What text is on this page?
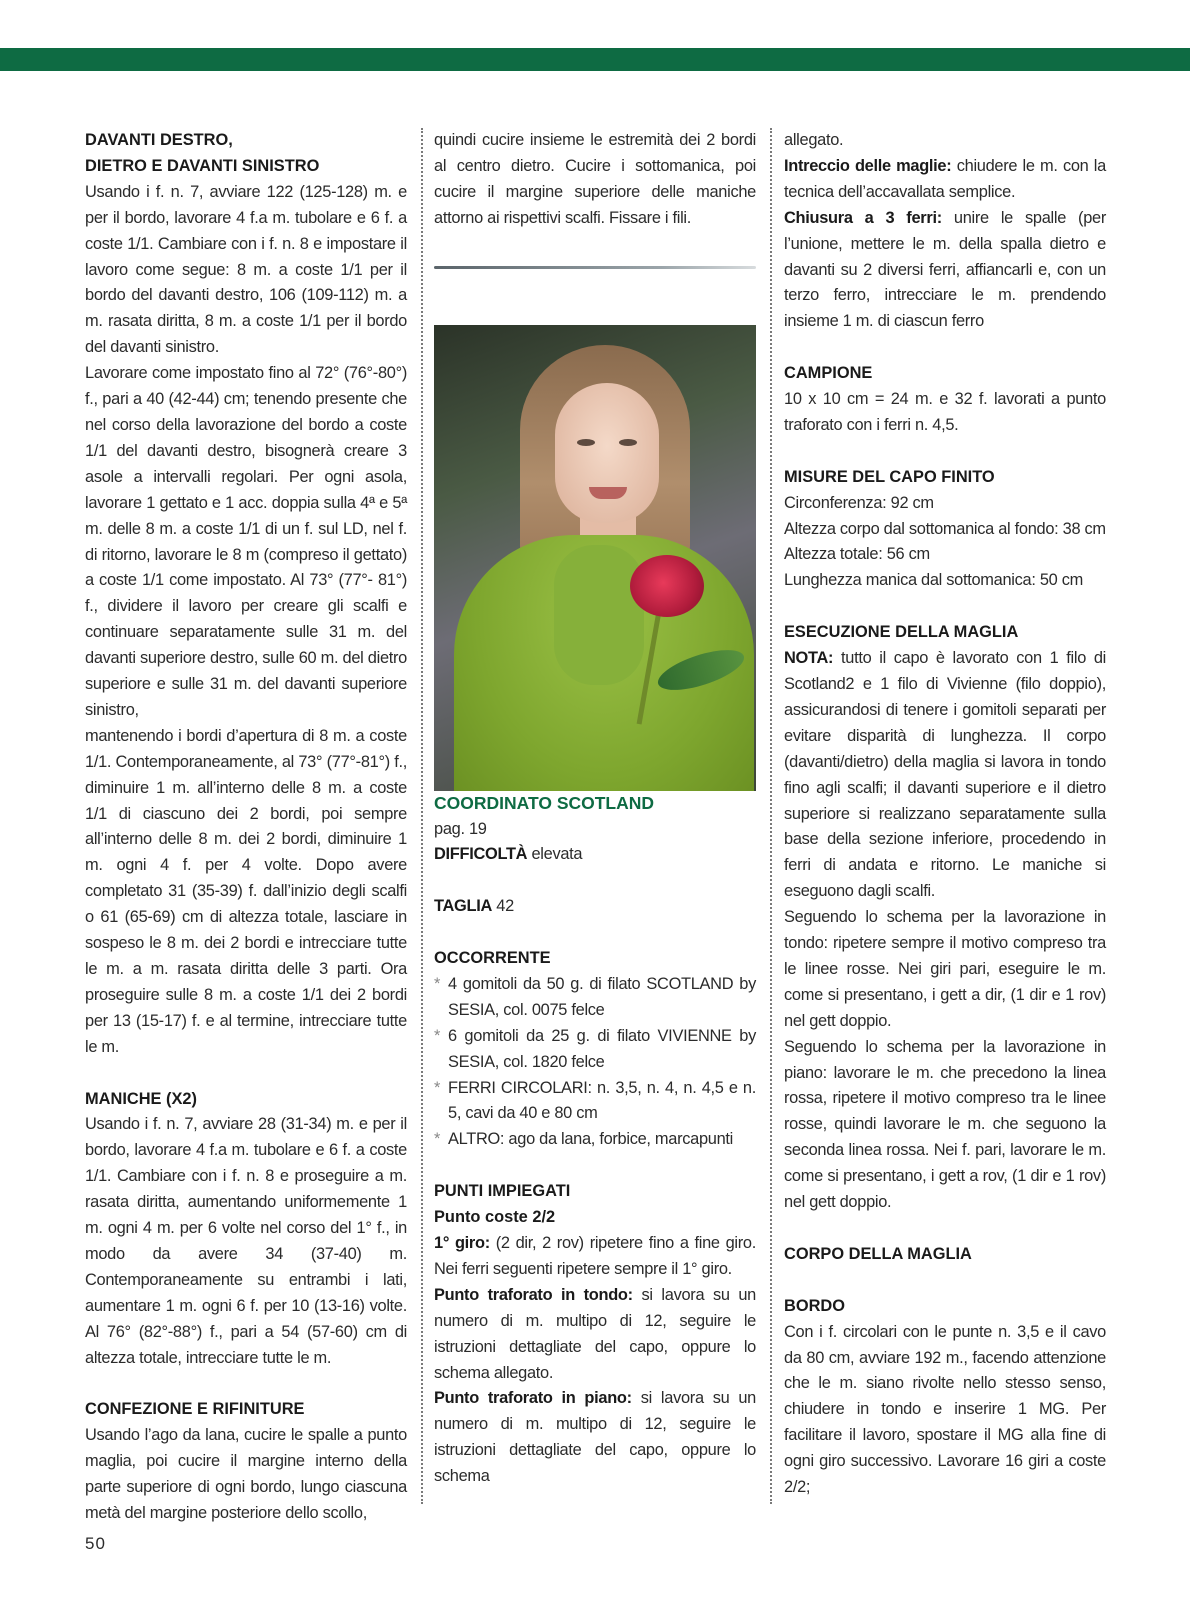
DAVANTI DESTRO,

DIETRO E DAVANTI SINISTRO

Usando i f. n. 7, avviare 122 (125-128) m. e per il bordo, lavorare 4 f.a m. tubolare e 6 f. a coste 1/1. Cambiare con i f. n. 8 e impostare il lavoro come segue: 8 m. a coste 1/1 per il bordo del davanti destro, 106 (109-112) m. a m. rasata diritta, 8 m. a coste 1/1 per il bordo del davanti sinistro.

Lavorare come impostato fino al 72° (76°-80°) f., pari a 40 (42-44) cm; tenendo presente che nel corso della lavorazione del bordo a coste 1/1 del davanti destro, bisognerà creare 3 asole a intervalli regolari. Per ogni asola, lavorare 1 gettato e 1 acc. doppia sulla 4ª e 5ª m. delle 8 m. a coste 1/1 di un f. sul LD, nel f. di ritorno, lavorare le 8 m (compreso il gettato) a coste 1/1 come impostato. Al 73° (77°- 81°) f., dividere il lavoro per creare gli scalfi e continuare separatamente sulle 31 m. del davanti superiore destro, sulle 60 m. del dietro superiore e sulle 31 m. del davanti superiore sinistro,

mantenendo i bordi d’apertura di 8 m. a coste 1/1. Contemporaneamente, al 73° (77°-81°) f., diminuire 1 m. all’interno delle 8 m. a coste 1/1 di ciascuno dei 2 bordi, poi sempre all’interno delle 8 m. dei 2 bordi, diminuire 1 m. ogni 4 f. per 4 volte. Dopo avere completato 31 (35-39) f. dall’inizio degli scalfi o 61 (65-69) cm di altezza totale, lasciare in sospeso le 8 m. dei 2 bordi e intrecciare tutte le m. a m. rasata diritta delle 3 parti. Ora proseguire sulle 8 m. a coste 1/1 dei 2 bordi per 13 (15-17) f. e al termine, intrecciare tutte le m.

MANICHE (X2)

Usando i f. n. 7, avviare 28 (31-34) m. e per il bordo, lavorare 4 f.a m. tubolare e 6 f. a coste 1/1. Cambiare con i f. n. 8 e proseguire a m. rasata diritta, aumentando uniformemente 1 m. ogni 4 m. per 6 volte nel corso del 1° f., in modo da avere 34 (37-40) m. Contemporaneamente su entrambi i lati, aumentare 1 m. ogni 6 f. per 10 (13-16) volte. Al 76° (82°-88°) f., pari a 54 (57-60) cm di altezza totale, intrecciare tutte le m.

CONFEZIONE E RIFINITURE

Usando l’ago da lana, cucire le spalle a punto maglia, poi cucire il margine interno della parte superiore di ogni bordo, lungo ciascuna metà del margine posteriore dello scollo,

quindi cucire insieme le estremità dei 2 bordi al centro dietro. Cucire i sottomanica, poi cucire il margine superiore delle maniche attorno ai rispettivi scalfi. Fissare i fili.

COORDINATO SCOTLAND

pag. 19

DIFFICOLTÀ elevata

TAGLIA 42

OCCORRENTE

* 4 gomitoli da 50 g. di filato SCOTLAND by SESIA, col. 0075 felce
* 6 gomitoli da 25 g. di filato VIVIENNE by SESIA, col. 1820 felce
* FERRI CIRCOLARI: n. 3,5, n. 4, n. 4,5 e n. 5, cavi da 40 e 80 cm
* ALTRO: ago da lana, forbice, marcapunti

PUNTI IMPIEGATI

Punto coste 2/2

1° giro: (2 dir, 2 rov) ripetere fino a fine giro. Nei ferri seguenti ripetere sempre il 1° giro.

Punto traforato in tondo: si lavora su un numero di m. multipo di 12, seguire le istruzioni dettagliate del capo, oppure lo schema allegato.

Punto traforato in piano: si lavora su un numero di m. multipo di 12, seguire le istruzioni dettagliate del capo, oppure lo schema

allegato.

Intreccio delle maglie: chiudere le m. con la tecnica dell’accavallata semplice.

Chiusura a 3 ferri: unire le spalle (per l’unione, mettere le m. della spalla dietro e davanti su 2 diversi ferri, affiancarli e, con un terzo ferro, intrecciare le m. prendendo insieme 1 m. di ciascun ferro

CAMPIONE

10 x 10 cm = 24 m. e 32 f. lavorati a punto traforato con i ferri n. 4,5.

MISURE DEL CAPO FINITO

Circonferenza: 92 cm

Altezza corpo dal sottomanica al fondo: 38 cm

Altezza totale: 56 cm

Lunghezza manica dal sottomanica: 50 cm

ESECUZIONE DELLA MAGLIA

NOTA: tutto il capo è lavorato con 1 filo di Scotland2 e 1 filo di Vivienne (filo doppio), assicurandosi di tenere i gomitoli separati per evitare disparità di lunghezza. Il corpo (davanti/dietro) della maglia si lavora in tondo fino agli scalfi; il davanti superiore e il dietro superiore si realizzano separatamente sulla base della sezione inferiore, procedendo in ferri di andata e ritorno. Le maniche si eseguono dagli scalfi.

Seguendo lo schema per la lavorazione in tondo: ripetere sempre il motivo compreso tra le linee rosse. Nei giri pari, eseguire le m. come si presentano, i gett a dir, (1 dir e 1 rov) nel gett doppio.

Seguendo lo schema per la lavorazione in piano: lavorare le m. che precedono la linea rossa, ripetere il motivo compreso tra le linee rosse, quindi lavorare le m. che seguono la seconda linea rossa. Nei f. pari, lavorare le m. come si presentano, i gett a rov, (1 dir e 1 rov) nel gett doppio.

CORPO DELLA MAGLIA

BORDO

Con i f. circolari con le punte n. 3,5 e il cavo da 80 cm, avviare 192 m., facendo attenzione che le m. siano rivolte nello stesso senso, chiudere in tondo e inserire 1 MG. Per facilitare il lavoro, spostare il MG alla fine di ogni giro successivo. Lavorare 16 giri a coste 2/2;

50
